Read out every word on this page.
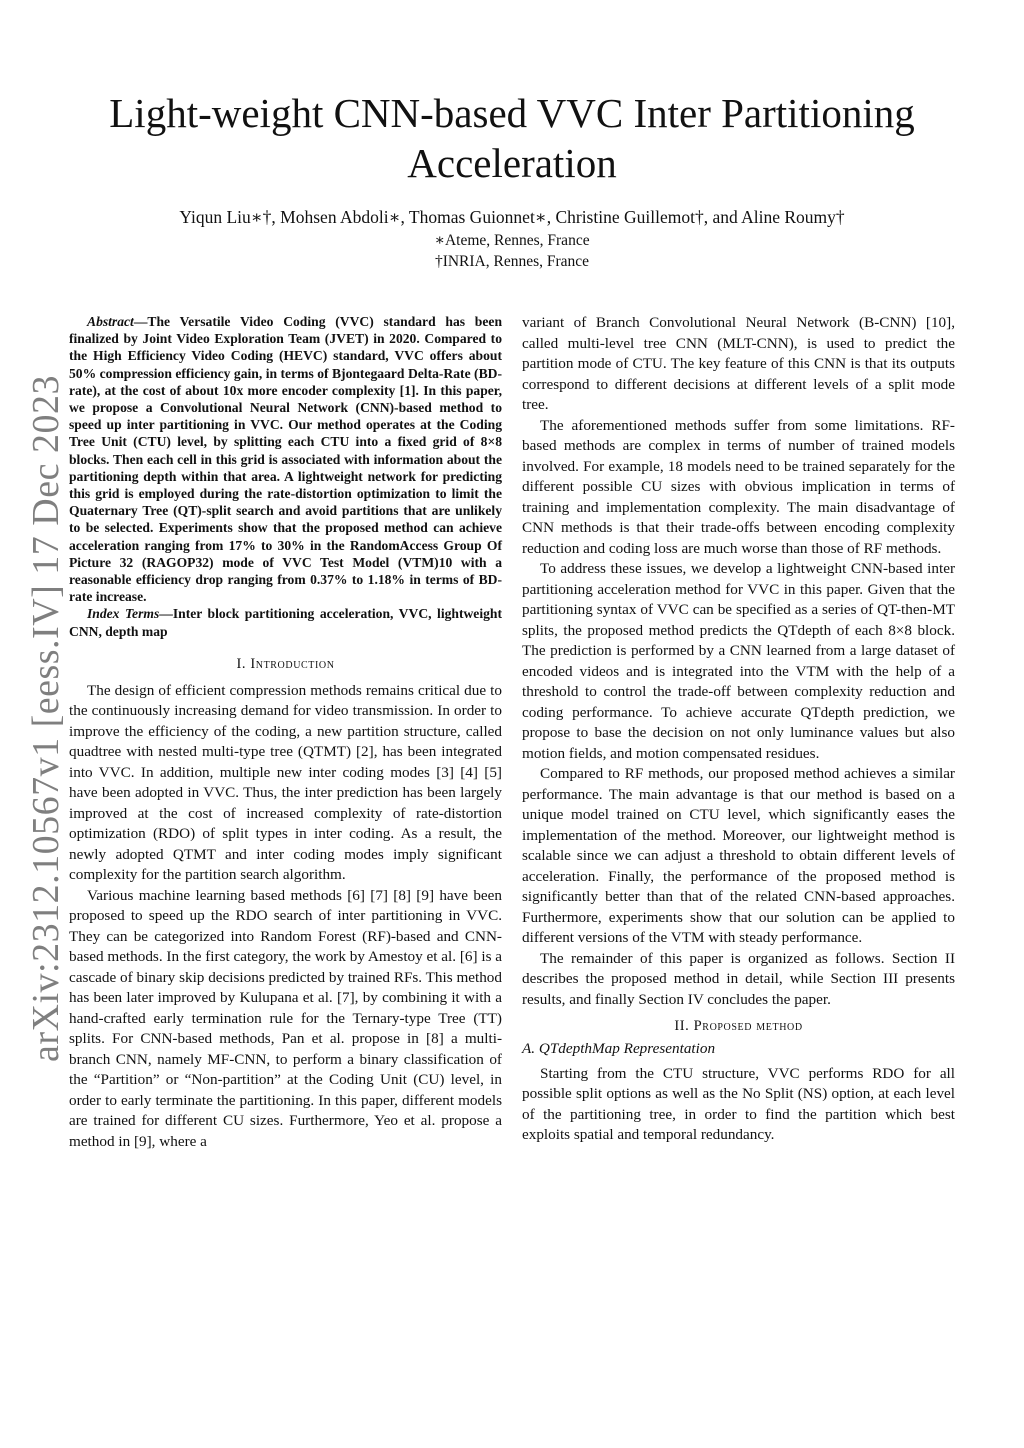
Light-weight CNN-based VVC Inter Partitioning Acceleration
Yiqun Liu∗†, Mohsen Abdoli∗, Thomas Guionnet∗, Christine Guillemot†, and Aline Roumy†
∗Ateme, Rennes, France
†INRIA, Rennes, France
arXiv:2312.10567v1 [eess.IV] 17 Dec 2023

Abstract—The Versatile Video Coding (VVC) standard has been finalized by Joint Video Exploration Team (JVET) in 2020. Compared to the High Efficiency Video Coding (HEVC) standard, VVC offers about 50% compression efficiency gain, in terms of Bjontegaard Delta-Rate (BD-rate), at the cost of about 10x more encoder complexity [1]. In this paper, we propose a Convolutional Neural Network (CNN)-based method to speed up inter partitioning in VVC. Our method operates at the Coding Tree Unit (CTU) level, by splitting each CTU into a fixed grid of 8×8 blocks. Then each cell in this grid is associated with information about the partitioning depth within that area. A lightweight network for predicting this grid is employed during the rate-distortion optimization to limit the Quaternary Tree (QT)-split search and avoid partitions that are unlikely to be selected. Experiments show that the proposed method can achieve acceleration ranging from 17% to 30% in the RandomAccess Group Of Picture 32 (RAGOP32) mode of VVC Test Model (VTM)10 with a reasonable efficiency drop ranging from 0.37% to 1.18% in terms of BD-rate increase.

Index Terms—Inter block partitioning acceleration, VVC, lightweight CNN, depth map

I. Introduction

The design of efficient compression methods remains critical due to the continuously increasing demand for video transmission. In order to improve the efficiency of the coding, a new partition structure, called quadtree with nested multi-type tree (QTMT) [2], has been integrated into VVC. In addition, multiple new inter coding modes [3] [4] [5] have been adopted in VVC. Thus, the inter prediction has been largely improved at the cost of increased complexity of rate-distortion optimization (RDO) of split types in inter coding. As a result, the newly adopted QTMT and inter coding modes imply significant complexity for the partition search algorithm.

Various machine learning based methods [6] [7] [8] [9] have been proposed to speed up the RDO search of inter partitioning in VVC. They can be categorized into Random Forest (RF)-based and CNN-based methods. In the first category, the work by Amestoy et al. [6] is a cascade of binary skip decisions predicted by trained RFs. This method has been later improved by Kulupana et al. [7], by combining it with a hand-crafted early termination rule for the Ternary-type Tree (TT) splits. For CNN-based methods, Pan et al. propose in [8] a multi-branch CNN, namely MF-CNN, to perform a binary classification of the “Partition” or “Non-partition” at the Coding Unit (CU) level, in order to early terminate the partitioning. In this paper, different models are trained for different CU sizes. Furthermore, Yeo et al. propose a method in [9], where a

variant of Branch Convolutional Neural Network (B-CNN) [10], called multi-level tree CNN (MLT-CNN), is used to predict the partition mode of CTU. The key feature of this CNN is that its outputs correspond to different decisions at different levels of a split mode tree.

The aforementioned methods suffer from some limitations. RF-based methods are complex in terms of number of trained models involved. For example, 18 models need to be trained separately for the different possible CU sizes with obvious implication in terms of training and implementation complexity. The main disadvantage of CNN methods is that their trade-offs between encoding complexity reduction and coding loss are much worse than those of RF methods.

To address these issues, we develop a lightweight CNN-based inter partitioning acceleration method for VVC in this paper. Given that the partitioning syntax of VVC can be specified as a series of QT-then-MT splits, the proposed method predicts the QTdepth of each 8×8 block. The prediction is performed by a CNN learned from a large dataset of encoded videos and is integrated into the VTM with the help of a threshold to control the trade-off between complexity reduction and coding performance. To achieve accurate QTdepth prediction, we propose to base the decision on not only luminance values but also motion fields, and motion compensated residues.

Compared to RF methods, our proposed method achieves a similar performance. The main advantage is that our method is based on a unique model trained on CTU level, which significantly eases the implementation of the method. Moreover, our lightweight method is scalable since we can adjust a threshold to obtain different levels of acceleration. Finally, the performance of the proposed method is significantly better than that of the related CNN-based approaches. Furthermore, experiments show that our solution can be applied to different versions of the VTM with steady performance.

The remainder of this paper is organized as follows. Section II describes the proposed method in detail, while Section III presents results, and finally Section IV concludes the paper.

II. Proposed method
A. QTdepthMap Representation

Starting from the CTU structure, VVC performs RDO for all possible split options as well as the No Split (NS) option, at each level of the partitioning tree, in order to find the partition which best exploits spatial and temporal redundancy.
